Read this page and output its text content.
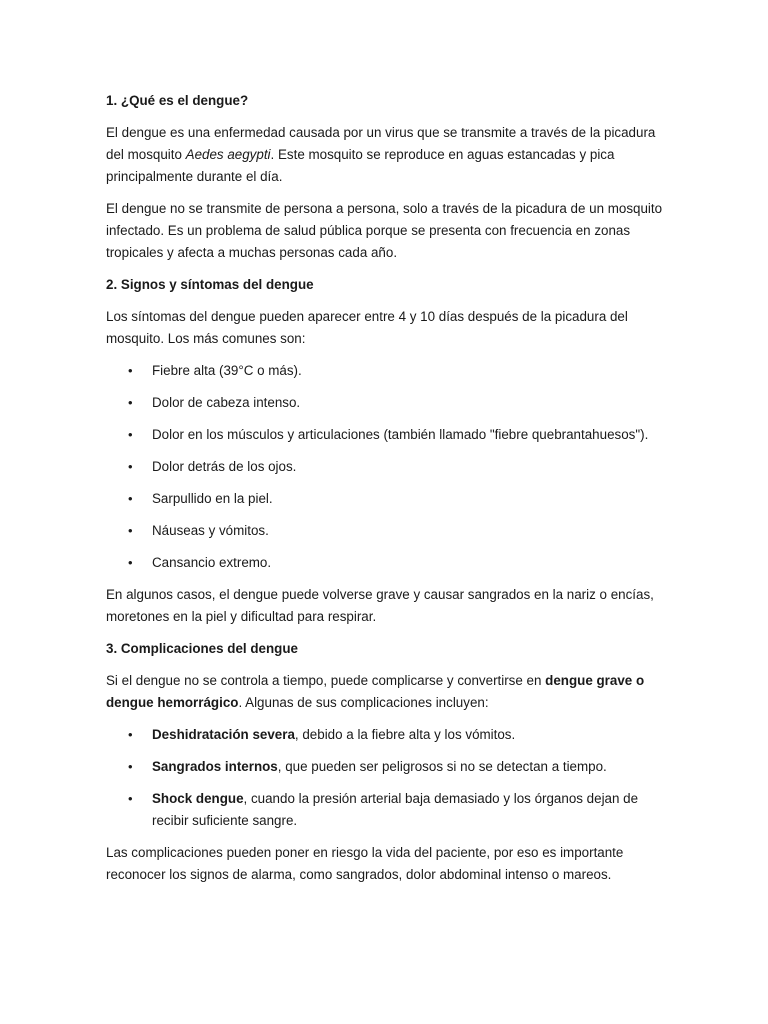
1. ¿Qué es el dengue?

El dengue es una enfermedad causada por un virus que se transmite a través de la picadura del mosquito Aedes aegypti. Este mosquito se reproduce en aguas estancadas y pica principalmente durante el día.

El dengue no se transmite de persona a persona, solo a través de la picadura de un mosquito infectado. Es un problema de salud pública porque se presenta con frecuencia en zonas tropicales y afecta a muchas personas cada año.

2. Signos y síntomas del dengue

Los síntomas del dengue pueden aparecer entre 4 y 10 días después de la picadura del mosquito. Los más comunes son:

• Fiebre alta (39°C o más).
• Dolor de cabeza intenso.
• Dolor en los músculos y articulaciones (también llamado "fiebre quebrantahuesos").
• Dolor detrás de los ojos.
• Sarpullido en la piel.
• Náuseas y vómitos.
• Cansancio extremo.

En algunos casos, el dengue puede volverse grave y causar sangrados en la nariz o encías, moretones en la piel y dificultad para respirar.

3. Complicaciones del dengue

Si el dengue no se controla a tiempo, puede complicarse y convertirse en dengue grave o dengue hemorrágico. Algunas de sus complicaciones incluyen:

• Deshidratación severa, debido a la fiebre alta y los vómitos.
• Sangrados internos, que pueden ser peligrosos si no se detectan a tiempo.
• Shock dengue, cuando la presión arterial baja demasiado y los órganos dejan de recibir suficiente sangre.

Las complicaciones pueden poner en riesgo la vida del paciente, por eso es importante reconocer los signos de alarma, como sangrados, dolor abdominal intenso o mareos.
